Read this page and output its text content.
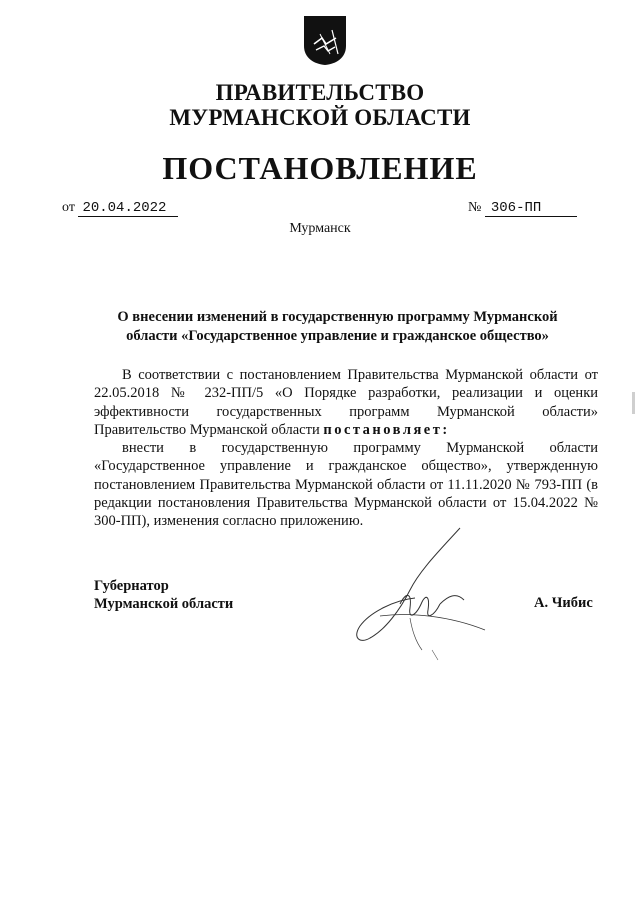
ПРАВИТЕЛЬСТВО
МУРМАНСКОЙ ОБЛАСТИ
ПОСТАНОВЛЕНИЕ
от 20.04.2022	№ 306-ПП
Мурманск
О внесении изменений в государственную программу Мурманской
области «Государственное управление и гражданское общество»

В соответствии с постановлением Правительства Мурманской области от 22.05.2018 № 232-ПП/5 «О Порядке разработки, реализации и оценки эффективности государственных программ Мурманской области» Правительство Мурманской области постановляет:

внести в государственную программу Мурманской области «Государственное управление и гражданское общество», утвержденную постановлением Правительства Мурманской области от 11.11.2020 № 793-ПП (в редакции постановления Правительства Мурманской области от 15.04.2022 № 300-ПП), изменения согласно приложению.

Губернатор
Мурманской области	А. Чибис
